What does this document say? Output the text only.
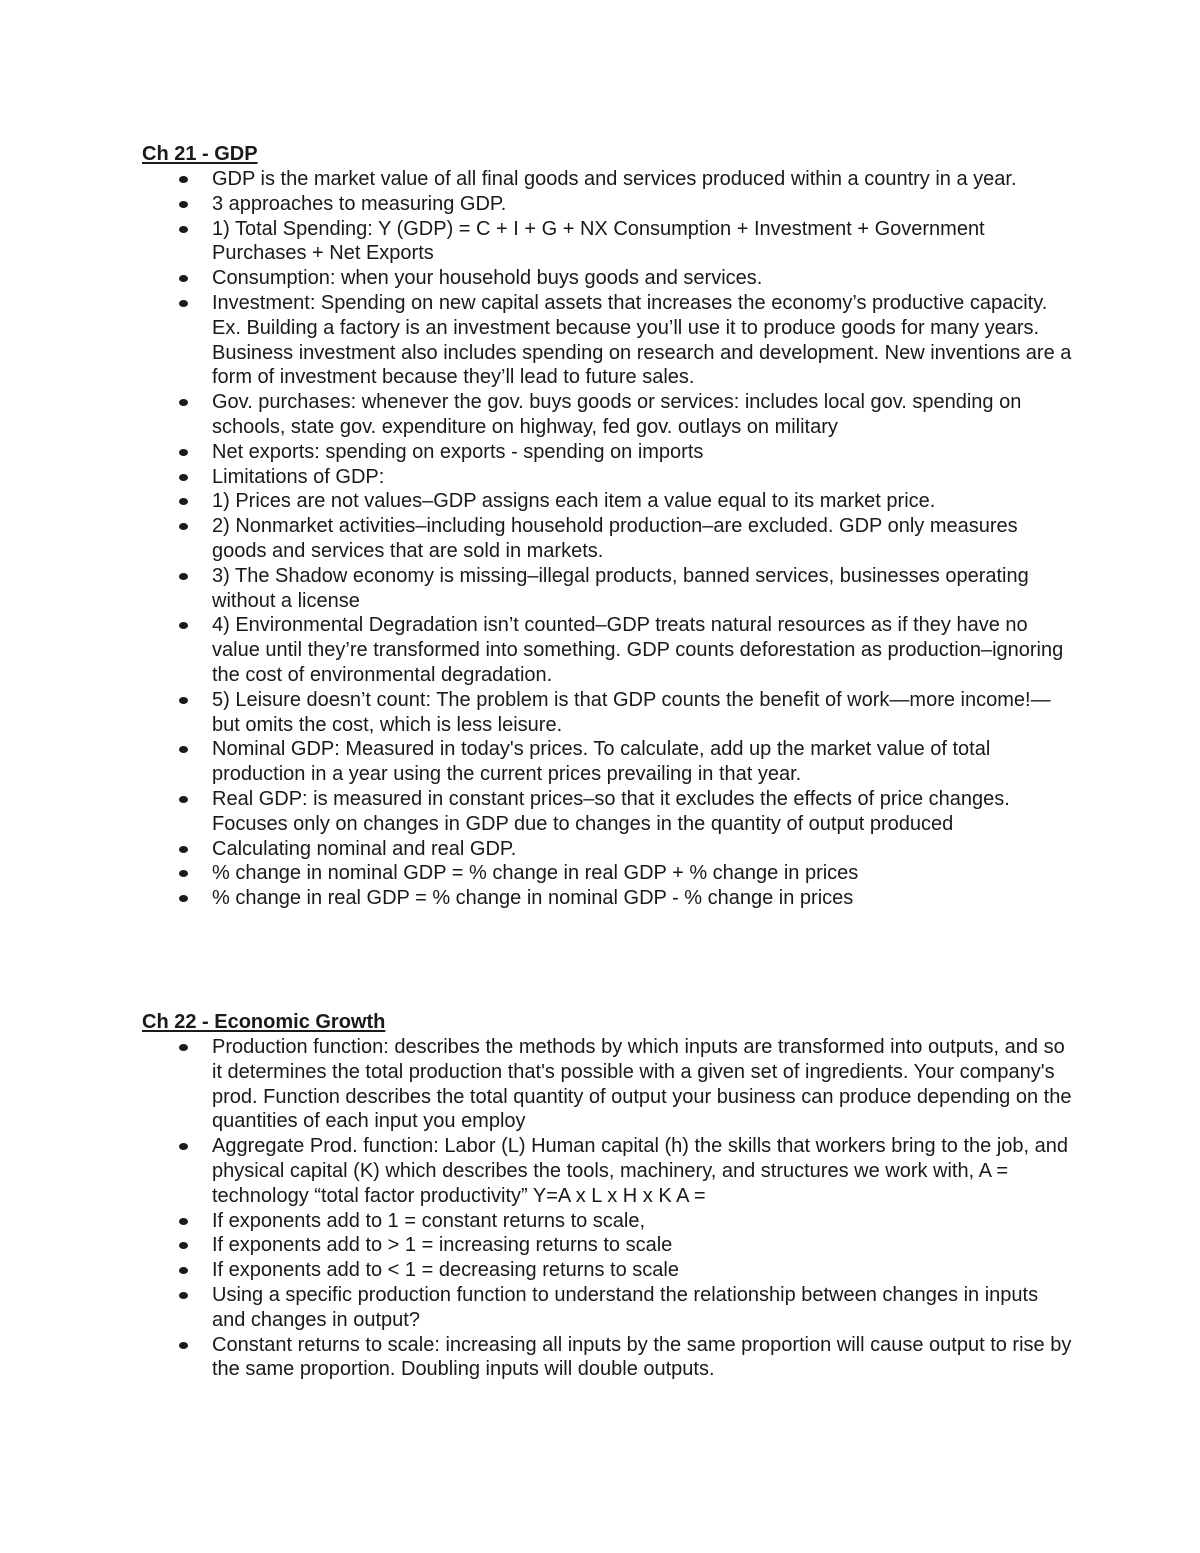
Ch 21 - GDP
GDP is the market value of all final goods and services produced within a country in a year.
3 approaches to measuring GDP.
1) Total Spending: Y (GDP) = C + I + G + NX Consumption + Investment + Government Purchases + Net Exports
Consumption: when your household buys goods and services.
Investment: Spending on new capital assets that increases the economy’s productive capacity. Ex. Building a factory is an investment because you’ll use it to produce goods for many years. Business investment also includes spending on research and development. New inventions are a form of investment because they’ll lead to future sales.
Gov. purchases: whenever the gov. buys goods or services: includes local gov. spending on schools, state gov. expenditure on highway, fed gov. outlays on military
Net exports: spending on exports - spending on imports
Limitations of GDP:
1) Prices are not values–GDP assigns each item a value equal to its market price.
2) Nonmarket activities–including household production–are excluded. GDP only measures goods and services that are sold in markets.
3) The Shadow economy is missing–illegal products, banned services, businesses operating without a license
4) Environmental Degradation isn’t counted–GDP treats natural resources as if they have no value until they’re transformed into something. GDP counts deforestation as production–ignoring the cost of environmental degradation.
5) Leisure doesn’t count: The problem is that GDP counts the benefit of work—more income!—but omits the cost, which is less leisure.
Nominal GDP: Measured in today's prices. To calculate, add up the market value of total production in a year using the current prices prevailing in that year.
Real GDP: is measured in constant prices–so that it excludes the effects of price changes. Focuses only on changes in GDP due to changes in the quantity of output produced
Calculating nominal and real GDP.
% change in nominal GDP = % change in real GDP + % change in prices
% change in real GDP = % change in nominal GDP - % change in prices
Ch 22 - Economic Growth
Production function: describes the methods by which inputs are transformed into outputs, and so it determines the total production that's possible with a given set of ingredients. Your company's prod. Function describes the total quantity of output your business can produce depending on the quantities of each input you employ
Aggregate Prod. function: Labor (L) Human capital (h) the skills that workers bring to the job, and physical capital (K) which describes the tools, machinery, and structures we work with, A = technology “total factor productivity” Y=A x L x H x K A =
If exponents add to 1 = constant returns to scale,
If exponents add to > 1 = increasing returns to scale
If exponents add to < 1 = decreasing returns to scale
Using a specific production function to understand the relationship between changes in inputs and changes in output?
Constant returns to scale: increasing all inputs by the same proportion will cause output to rise by the same proportion. Doubling inputs will double outputs.
